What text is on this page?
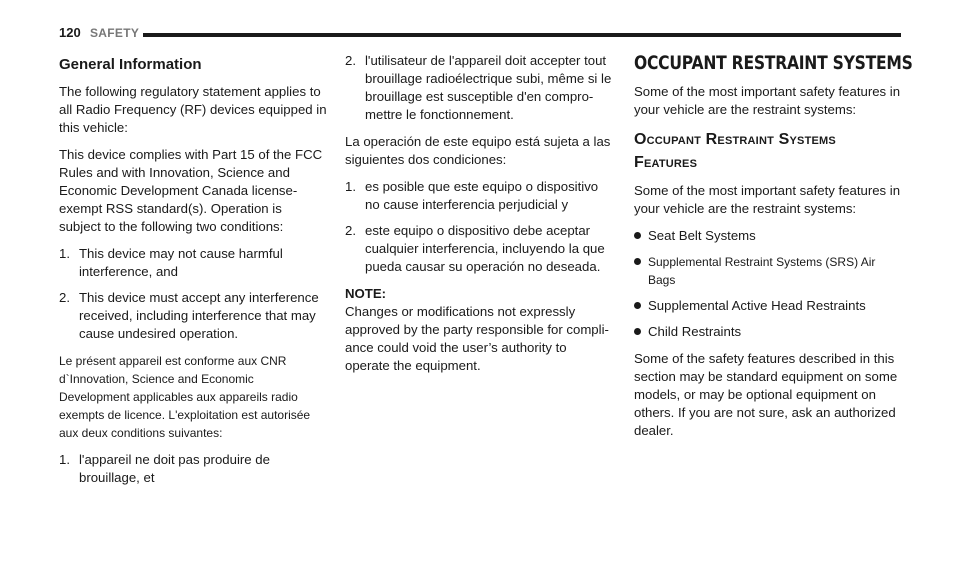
120 SAFETY
General Information

The following regulatory statement applies to all Radio Frequency (RF) devices equipped in this vehicle:

This device complies with Part 15 of the FCC Rules and with Innovation, Science and Economic Development Canada license-exempt RSS standard(s). Operation is subject to the following two conditions:

1. This device may not cause harmful interference, and
2. This device must accept any interference received, including interference that may cause undesired operation.

Le présent appareil est conforme aux CNR d`Innovation, Science and Economic Development applicables aux appareils radio exempts de licence. L'exploitation est autorisée aux deux conditions suivantes:

1. l'appareil ne doit pas produire de brouillage, et
2. l'utilisateur de l'appareil doit accepter tout brouillage radioélectrique subi, même si le brouillage est susceptible d'en compro- mettre le fonctionnement.

La operación de este equipo está sujeta a las siguientes dos condiciones:

1. es posible que este equipo o dispositivo no cause interferencia perjudicial y
2. este equipo o dispositivo debe aceptar cualquier interferencia, incluyendo la que pueda causar su operación no deseada.

NOTE:

Changes or modifications not expressly approved by the party responsible for compli- ance could void the user’s authority to operate the equipment.

OCCUPANT RESTRAINT SYSTEMS

Some of the most important safety features in your vehicle are the restraint systems:

Occupant Restraint Systems Features

Some of the most important safety features in your vehicle are the restraint systems:

Seat Belt Systems
Supplemental Restraint Systems (SRS) Air Bags
Supplemental Active Head Restraints
Child Restraints

Some of the safety features described in this section may be standard equipment on some models, or may be optional equipment on others. If you are not sure, ask an authorized dealer.
